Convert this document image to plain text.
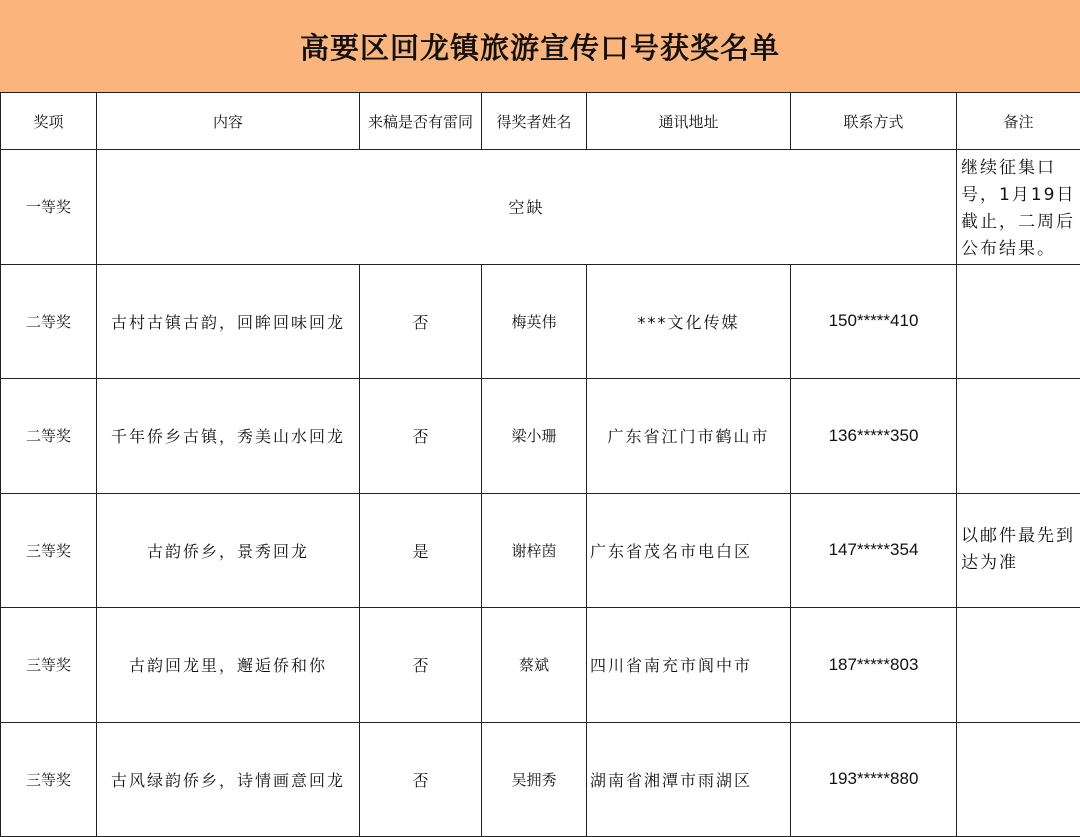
高要区回龙镇旅游宣传口号获奖名单
奖项	内容	来稿是否有雷同	得奖者姓名	通讯地址	联系方式	备注
一等奖	空缺					继续征集口号，1月19日截止，二周后公布结果。
二等奖	古村古镇古韵，回眸回味回龙	否	梅英伟	***文化传媒	150*****410	
二等奖	千年侨乡古镇，秀美山水回龙	否	梁小珊	广东省江门市鹤山市	136*****350	
三等奖	古韵侨乡，景秀回龙	是	谢梓茵	广东省茂名市电白区	147*****354	以邮件最先到达为准
三等奖	古韵回龙里，邂逅侨和你	否	蔡斌	四川省南充市阆中市	187*****803	
三等奖	古风绿韵侨乡，诗情画意回龙	否	吴拥秀	湖南省湘潭市雨湖区	193*****880	
